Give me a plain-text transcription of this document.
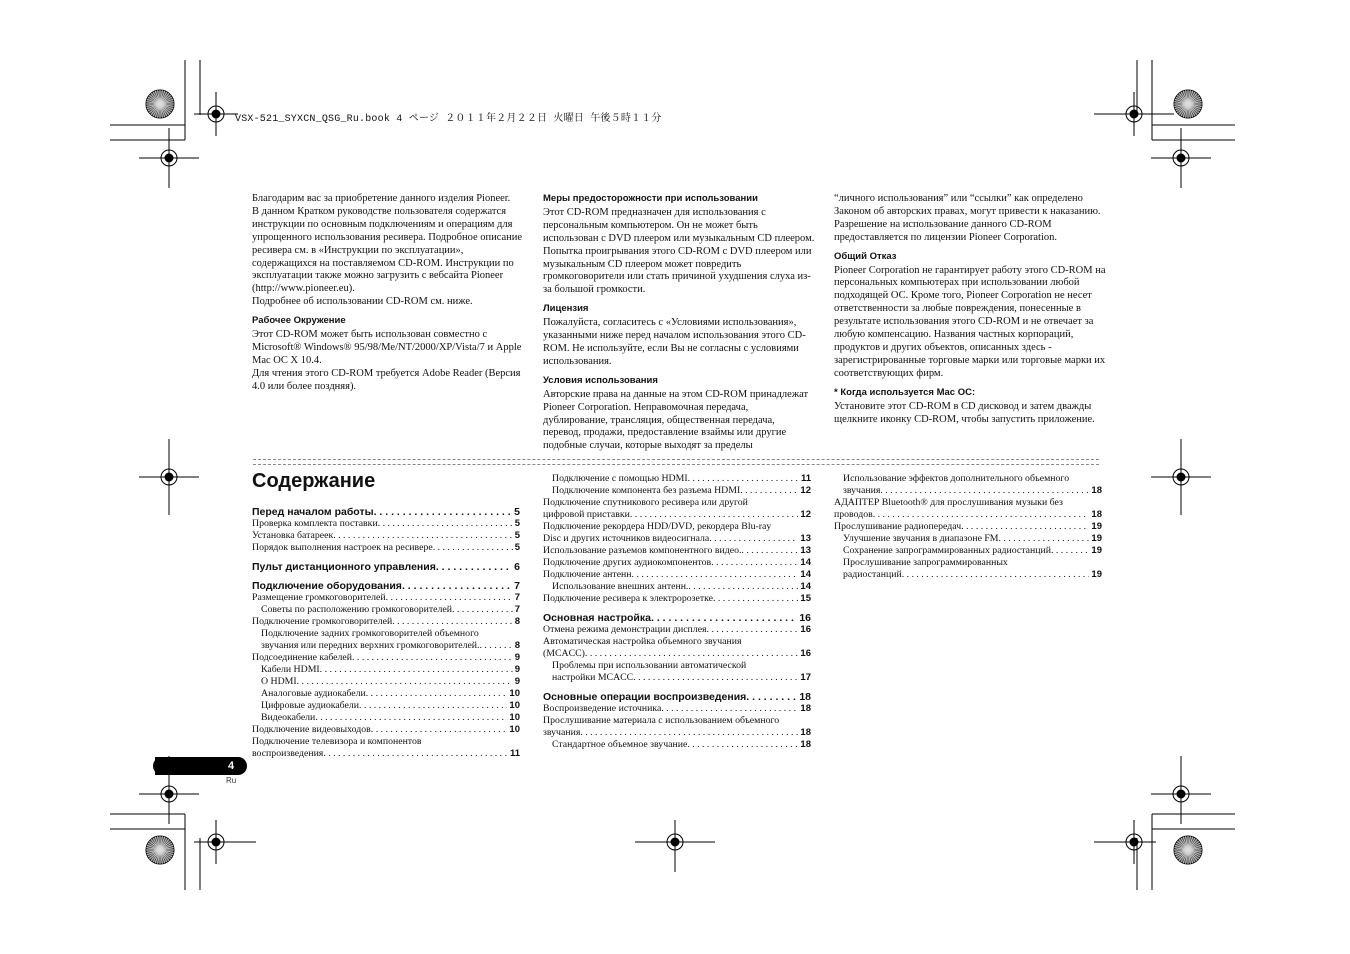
VSX-521_SYXCN_QSG_Ru.book 4 ページ ２０１１年２月２２日 火曜日 午後５時１１分

Благодарим вас за приобретение данного изделия Pioneer.

В данном Кратком руководстве пользователя содержатся инструкции по основным подключениям и операциям для упрощенного использования ресивера. Подробное описание ресивера см. в «Инструкции по эксплуатации», содержащихся на поставляемом CD-ROM. Инструкции по эксплуатации также можно загрузить с вебсайта Pioneer (http://www.pioneer.eu).

Подробнее об использовании CD-ROM см. ниже.

Рабочее Окружение

Этот CD-ROM может быть использован совместно с Microsoft® Windows® 95/98/Me/NT/2000/XP/Vista/7 и Apple Mac OC X 10.4.

Для чтения этого CD-ROM требуется Adobe Reader (Версия 4.0 или более поздняя).

Меры предосторожности при использовании

Этот CD-ROM предназначен для использования с персональным компьютером. Он не может быть использован с DVD плеером или музыкальным CD плеером. Попытка проигрывания этого CD-ROM с DVD плеером или музыкальным CD плеером может повредить громкоговорители или стать причиной ухудшения слуха из-за большой громкости.

Лицензия

Пожалуйста, согласитесь с «Условиями использования», указанными ниже перед началом использования этого CD-ROM. Не используйте, если Вы не согласны с условиями использования.

Условия использования

Авторские права на данные на этом CD-ROM принадлежат Pioneer Corporation. Неправомочная передача, дублирование, трансляция, общественная передача, перевод, продажи, предоставление взаймы или другие подобные случаи, которые выходят за пределы

“личного использования” или “ссылки” как определено Законом об авторских правах, могут привести к наказанию. Разрешение на использование данного CD-ROM предоставляется по лицензии Pioneer Corporation.

Общий Отказ

Pioneer Corporation не гарантирует работу этого CD-ROM на персональных компьютерах при использовании любой подходящей ОС. Кроме того, Pioneer Corporation не несет ответственности за любые повреждения, понесенные в результате использования этого CD-ROM и не отвечает за любую компенсацию. Названия частных корпораций, продуктов и других объектов, описанных здесь - зарегистрированные торговые марки или торговые марки их соответствующих фирм.

* Когда используется Mac OC:

Установите этот CD-ROM в CD дисковод и затем дважды щелкните иконку CD-ROM, чтобы запустить приложение.

Содержание
Перед началом работы . . .	5
Проверка комплекта поставки . . .	5
Установка батареек . . .	5
Порядок выполнения настроек на ресивере . . .	5
Пульт дистанционного управления . . .	6
Подключение оборудования . . .	7
Размещение громкоговорителей . . .	7
Советы по расположению громкоговорителей . . .	7
Подключение громкоговорителей . . .	8
Подключение задних громкоговорителей объемного
звучания или передних верхних громкоговорителей. . . .	8
Подсоединение кабелей . . .	9
Кабели HDMI . . .	9
О HDMI . . .	9
Аналоговые аудиокабели . . .	10
Цифровые аудиокабели . . .	10
Видеокабели . . .	10
Подключение видеовыходов . . .	10
Подключение телевизора и компонентов
воспроизведения . . .	11
Подключение с помощью HDMI . . .	11
Подключение компонента без разъема HDMI . . .	12
Подключение спутникового ресивера или другой
цифровой приставки . . .	12
Подключение рекордера HDD/DVD, рекордера Blu-ray
Disc и других источников видеосигнала . . .	13
Использование разъемов компонентного видео. . . .	13
Подключение других аудиокомпонентов . . .	14
Подключение антенн . . .	14
Использование внешних антенн. . . .	14
Подключение ресивера к электророзетке . . .	15
Основная настройка . . .	16
Отмена режима демонстрации дисплея . . .	16
Автоматическая настройка объемного звучания
(MCACC) . . .	16
Проблемы при использовании автоматической
настройки MCACC . . .	17
Основные операции воспроизведения . . .	18
Воспроизведение источника . . .	18
Прослушивание материала с использованием объемного
звучания . . .	18
Стандартное объемное звучание . . .	18
Использование эффектов дополнительного объемного
звучания . . .	18
АДАПТЕР Bluetooth® для прослушивания музыки без
проводов . . .	18
Прослушивание радиопередач . . .	19
Улучшение звучания в диапазоне FM . . .	19
Сохранение запрограммированных радиостанций . . .	19
Прослушивание запрограммированных
радиостанций . . .	19
4
Ru
